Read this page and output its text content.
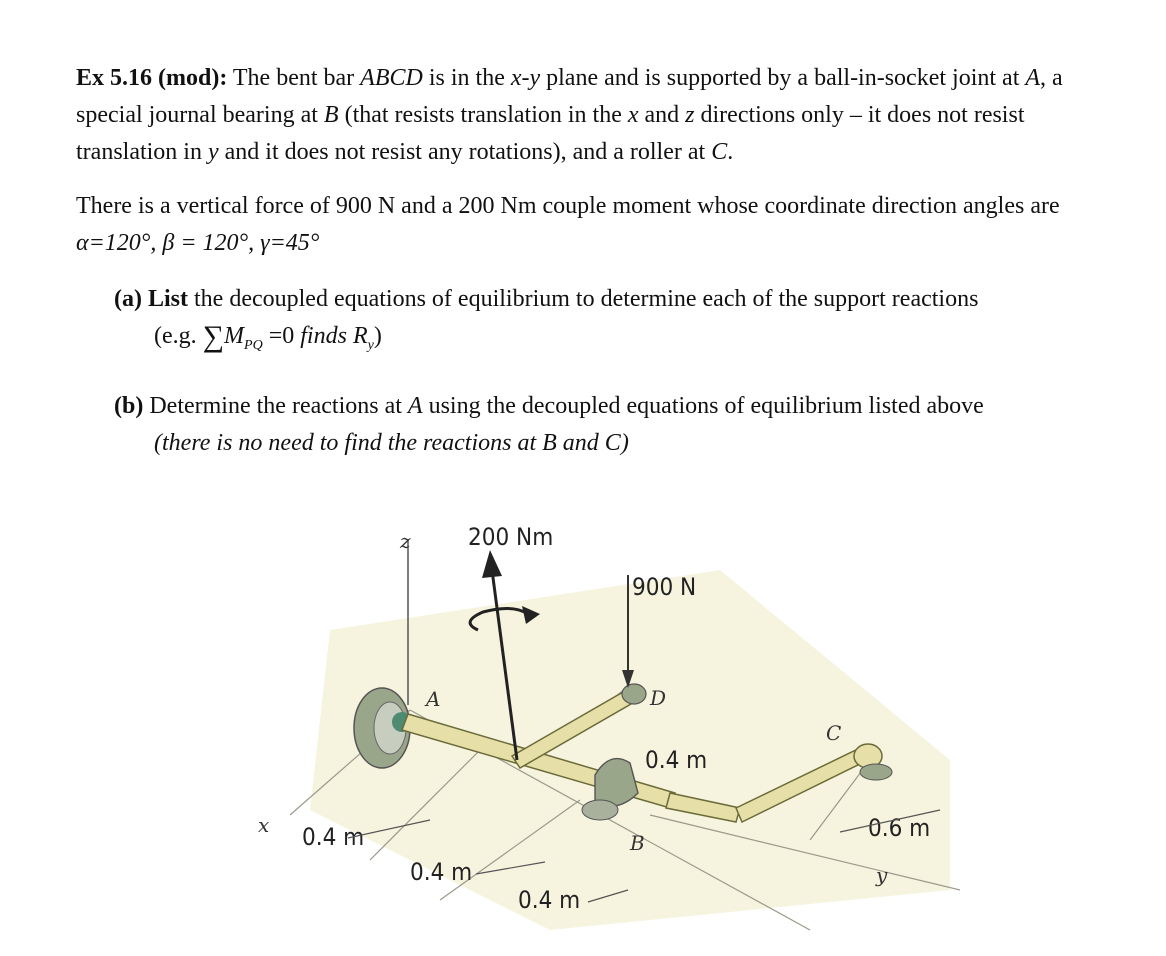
Ex 5.16 (mod): The bent bar ABCD is in the x-y plane and is supported by a ball-in-socket joint at A, a special journal bearing at B (that resists translation in the x and z directions only – it does not resist translation in y and it does not resist any rotations), and a roller at C.
There is a vertical force of 900 N and a 200 Nm couple moment whose coordinate direction angles are α=120°, β = 120°, γ=45°
(a) List the decoupled equations of equilibrium to determine each of the support reactions
(e.g. $\sum M_{PQ} =0$ finds $R_y$)
(b) Determine the reactions at A using the decoupled equations of equilibrium listed above
(there is no need to find the reactions at B and C)
z
x
y
900 N
200 Nm
A	D
B
C
0.4 m
0.4 m
0.4 m
0.4 m
0.6 m
